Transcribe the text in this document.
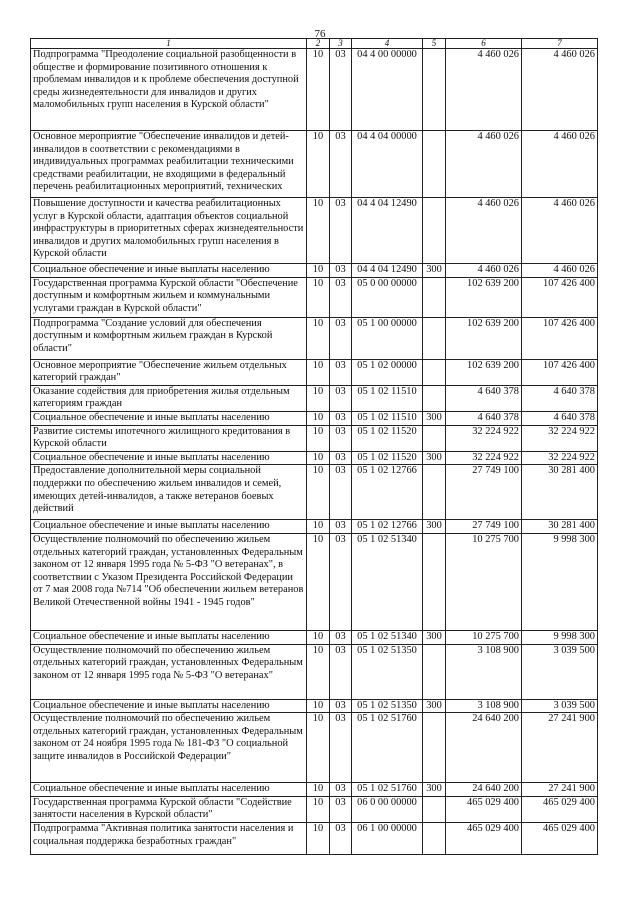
76
1	2	3	4	5	6	7
Подпрограмма "Преодоление социальной разобщенности в обществе и формирование позитивного отношения к проблемам инвалидов и к проблеме обеспечения доступной среды жизнедеятельности для инвалидов и других маломобильных групп населения в Курской области"	10	03	04 4 00 00000		4 460 026	4 460 026
Основное мероприятие "Обеспечение инвалидов и детей-инвалидов в соответствии с рекомендациями в индивидуальных программах реабилитации техническими средствами реабилитации, не входящими в федеральный перечень реабилитационных мероприятий, технических	10	03	04 4 04 00000		4 460 026	4 460 026
Повышение доступности и качества реабилитационных услуг в Курской области, адаптация объектов социальной инфраструктуры в приоритетных сферах жизнедеятельности инвалидов и других маломобильных групп населения в Курской области	10	03	04 4 04 12490		4 460 026	4 460 026
Социальное обеспечение и иные выплаты населению	10	03	04 4 04 12490	300	4 460 026	4 460 026
Государственная программа Курской области "Обеспечение доступным и комфортным жильем и коммунальными услугами граждан в Курской области"	10	03	05 0 00 00000		102 639 200	107 426 400
Подпрограмма "Создание условий для обеспечения доступным и комфортным жильем граждан в Курской области"	10	03	05 1 00 00000		102 639 200	107 426 400
Основное мероприятие "Обеспечение жильем отдельных категорий граждан"	10	03	05 1 02 00000		102 639 200	107 426 400
Оказание содействия для приобретения жилья отдельным категориям граждан	10	03	05 1 02 11510		4 640 378	4 640 378
Социальное обеспечение и иные выплаты населению	10	03	05 1 02 11510	300	4 640 378	4 640 378
Развитие системы ипотечного жилищного кредитования в Курской области	10	03	05 1 02 11520		32 224 922	32 224 922
Социальное обеспечение и иные выплаты населению	10	03	05 1 02 11520	300	32 224 922	32 224 922
Предоставление дополнительной меры социальной поддержки по обеспечению жильем инвалидов и семей, имеющих детей-инвалидов, а также ветеранов боевых действий	10	03	05 1 02 12766		27 749 100	30 281 400
Социальное обеспечение и иные выплаты населению	10	03	05 1 02 12766	300	27 749 100	30 281 400
Осуществление полномочий по обеспечению жильем отдельных категорий граждан, установленных Федеральным законом от 12 января 1995 года № 5-ФЗ "О ветеранах", в соответствии с Указом Президента Российской Федерации от 7 мая 2008 года №714 "Об обеспечении жильем ветеранов Великой Отечественной войны 1941 - 1945 годов"	10	03	05 1 02 51340		10 275 700	9 998 300
Социальное обеспечение и иные выплаты населению	10	03	05 1 02 51340	300	10 275 700	9 998 300
Осуществление полномочий по обеспечению жильем отдельных категорий граждан, установленных Федеральным законом от 12 января 1995 года № 5-ФЗ "О ветеранах"	10	03	05 1 02 51350		3 108 900	3 039 500
Социальное обеспечение и иные выплаты населению	10	03	05 1 02 51350	300	3 108 900	3 039 500
Осуществление полномочий по обеспечению жильем отдельных категорий граждан, установленных Федеральным законом от 24 ноября 1995 года № 181-ФЗ "О социальной защите инвалидов в Российской Федерации"	10	03	05 1 02 51760		24 640 200	27 241 900
Социальное обеспечение и иные выплаты населению	10	03	05 1 02 51760	300	24 640 200	27 241 900
Государственная программа Курской области "Содействие занятости населения в Курской области"	10	03	06 0 00 00000		465 029 400	465 029 400
Подпрограмма "Активная политика занятости населения и социальная поддержка безработных граждан"	10	03	06 1 00 00000		465 029 400	465 029 400
